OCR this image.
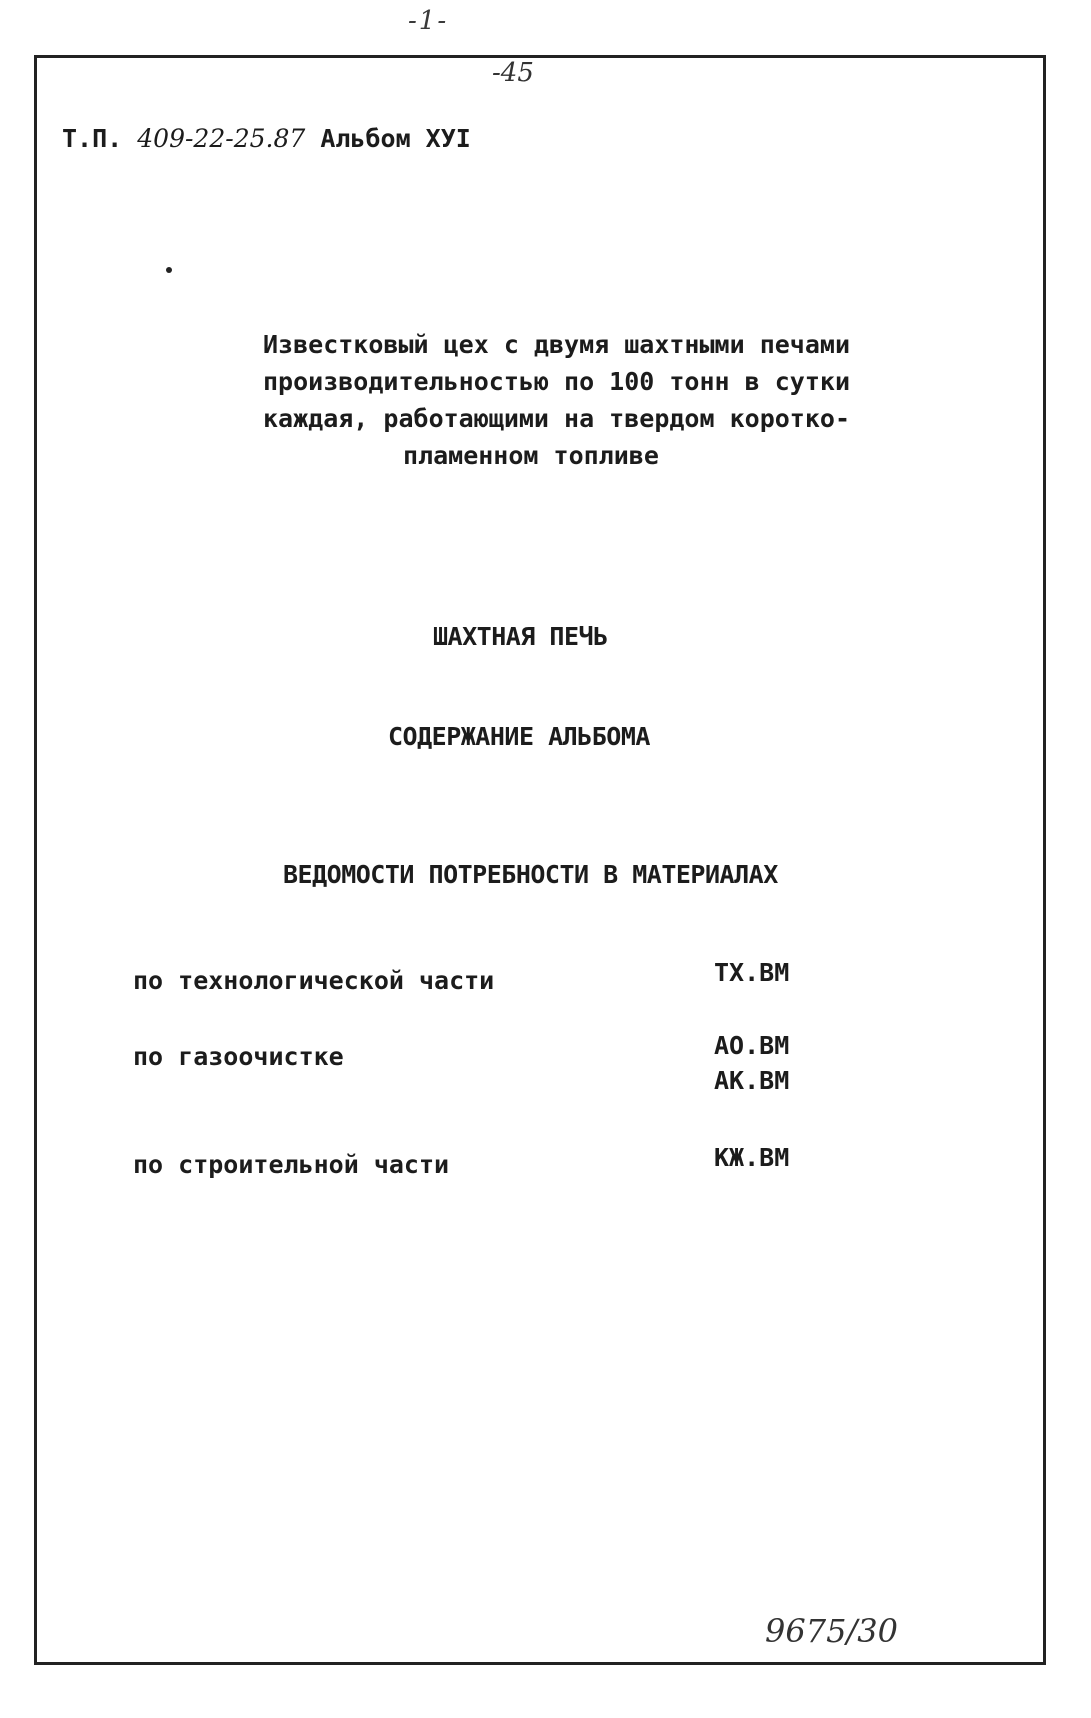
-1-
-45
Т.П. 409-22-25.87 Альбом ХУI
Известковый цех с двумя шахтными печами
производительностью по 100 тонн в сутки
каждая, работающими на твердом коротко-
пламенном топливе
ШАХТНАЯ ПЕЧЬ
СОДЕРЖАНИЕ АЛЬБОМА
ВЕДОМОСТИ ПОТРЕБНОСТИ В МАТЕРИАЛАХ
по технологической части	ТХ.ВМ
по газоочистке	АО.ВМ
АК.ВМ
по строительной части	КЖ.ВМ
9675/30
